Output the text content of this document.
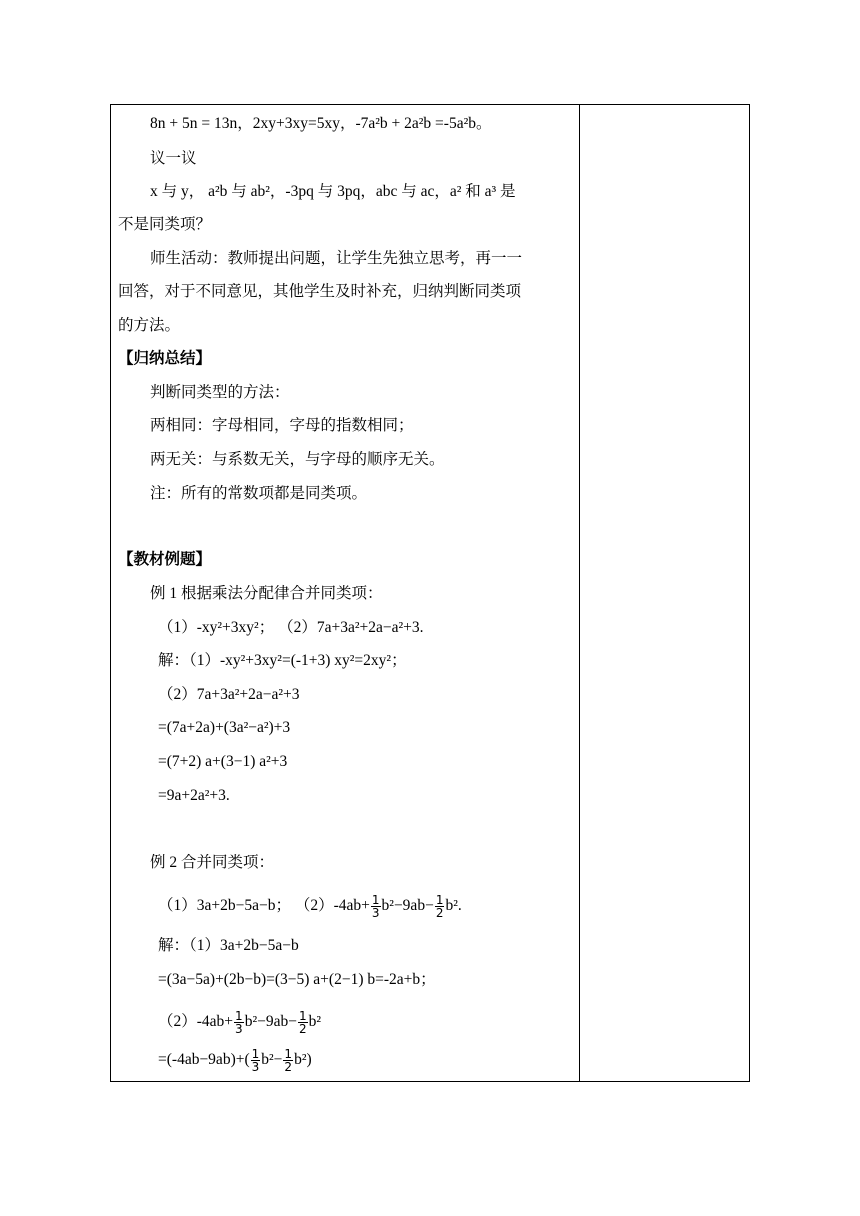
8n + 5n = 13n，2xy+3xy=5xy，-7a²b + 2a²b =-5a²b。
议一议
x 与 y， a²b 与 ab²，-3pq 与 3pq，abc 与 ac，a² 和 a³ 是
不是同类项？
师生活动：教师提出问题，让学生先独立思考，再一一
回答，对于不同意见，其他学生及时补充，归纳判断同类项
的方法。
【归纳总结】
判断同类型的方法：
两相同：字母相同，字母的指数相同；
两无关：与系数无关，与字母的顺序无关。
注：所有的常数项都是同类项。
【教材例题】
例 1 根据乘法分配律合并同类项：
（1）-xy²+3xy²； （2）7a+3a²+2a−a²+3.
解：（1）-xy²+3xy²=(-1+3) xy²=2xy²；
（2）7a+3a²+2a−a²+3
=(7a+2a)+(3a²−a²)+3
=(7+2) a+(3−1) a²+3
=9a+2a²+3.
例 2 合并同类项：
（1）3a+2b−5a−b； $(2)-4ab+ \frac{1}{3} b^2-9ab- \frac{1}{2} b^2$.
解：（1）3a+2b−5a−b
=(3a−5a)+(2b−b)=(3−5) a+(2−1) b=-2a+b；
$(2)-4ab+ \frac{1}{3} b^2-9ab- \frac{1}{2} b^2$
$=(-4ab-9ab)+( \frac{1}{3} b^2- \frac{1}{2} b^2)$
